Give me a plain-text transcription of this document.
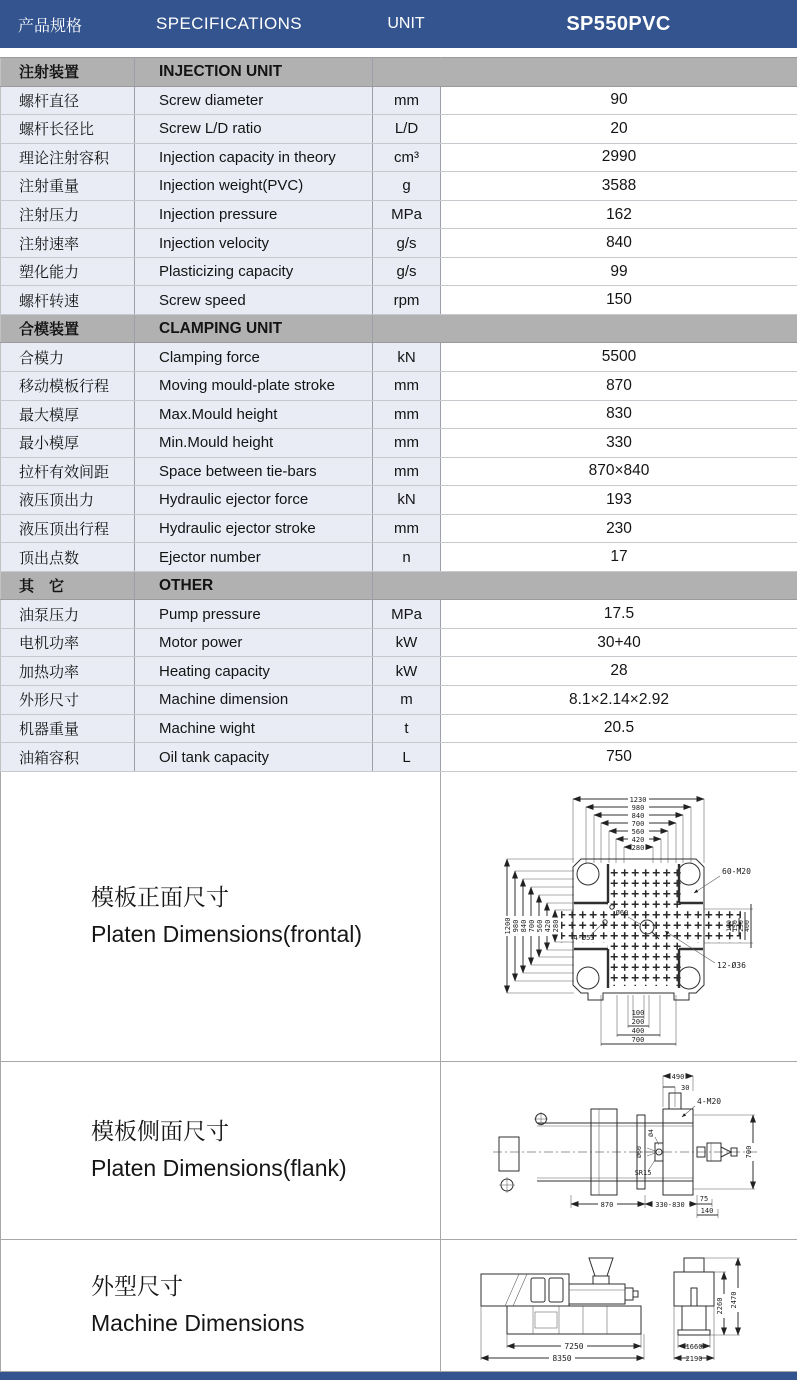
产品规格	SPECIFICATIONS	UNIT	SP550PVC
注射装置	INJECTION UNIT		
螺杆直径	Screw diameter	mm	90
螺杆长径比	Screw L/D ratio	L/D	20
理论注射容积	Injection capacity in theory	cm³	2990
注射重量	Injection weight(PVC)	g	3588
注射压力	Injection pressure	MPa	162
注射速率	Injection velocity	g/s	840
塑化能力	Plasticizing capacity	g/s	99
螺杆转速	Screw speed	rpm	150
合模装置	CLAMPING UNIT		
合模力	Clamping force	kN	5500
移动模板行程	Moving mould-plate stroke	mm	870
最大模厚	Max.Mould height	mm	830
最小模厚	Min.Mould height	mm	330
拉杆有效间距	Space between tie-bars	mm	870×840
液压顶出力	Hydraulic ejector force	kN	193
液压顶出行程	Hydraulic ejector stroke	mm	230
顶出点数	Ejector number	n	17
其　它	OTHER		
油泵压力	Pump pressure	MPa	17.5
电机功率	Motor power	kW	30+40
加热功率	Heating capacity	kW	28
外形尺寸	Machine dimension	m	8.1×2.14×2.92
机器重量	Machine wight	t	20.5
油箱容积	Oil tank capacity	L	750
模板正面尺寸
Platen Dimensions(frontal)
1230
980
840
700
560
420
280
1200 980 840 700 560 420 280
Ø60
4-Ø53
60-M20
12-Ø36
100
200
400
700
100
150
250
400
模板侧面尺寸
Platen Dimensions(flank)
490
30
4-M20
700
Ø4
Ø60
SR15
870	330-830
75
140
外型尺寸
Machine Dimensions
7250
8350
1660
2190
2260 2470
